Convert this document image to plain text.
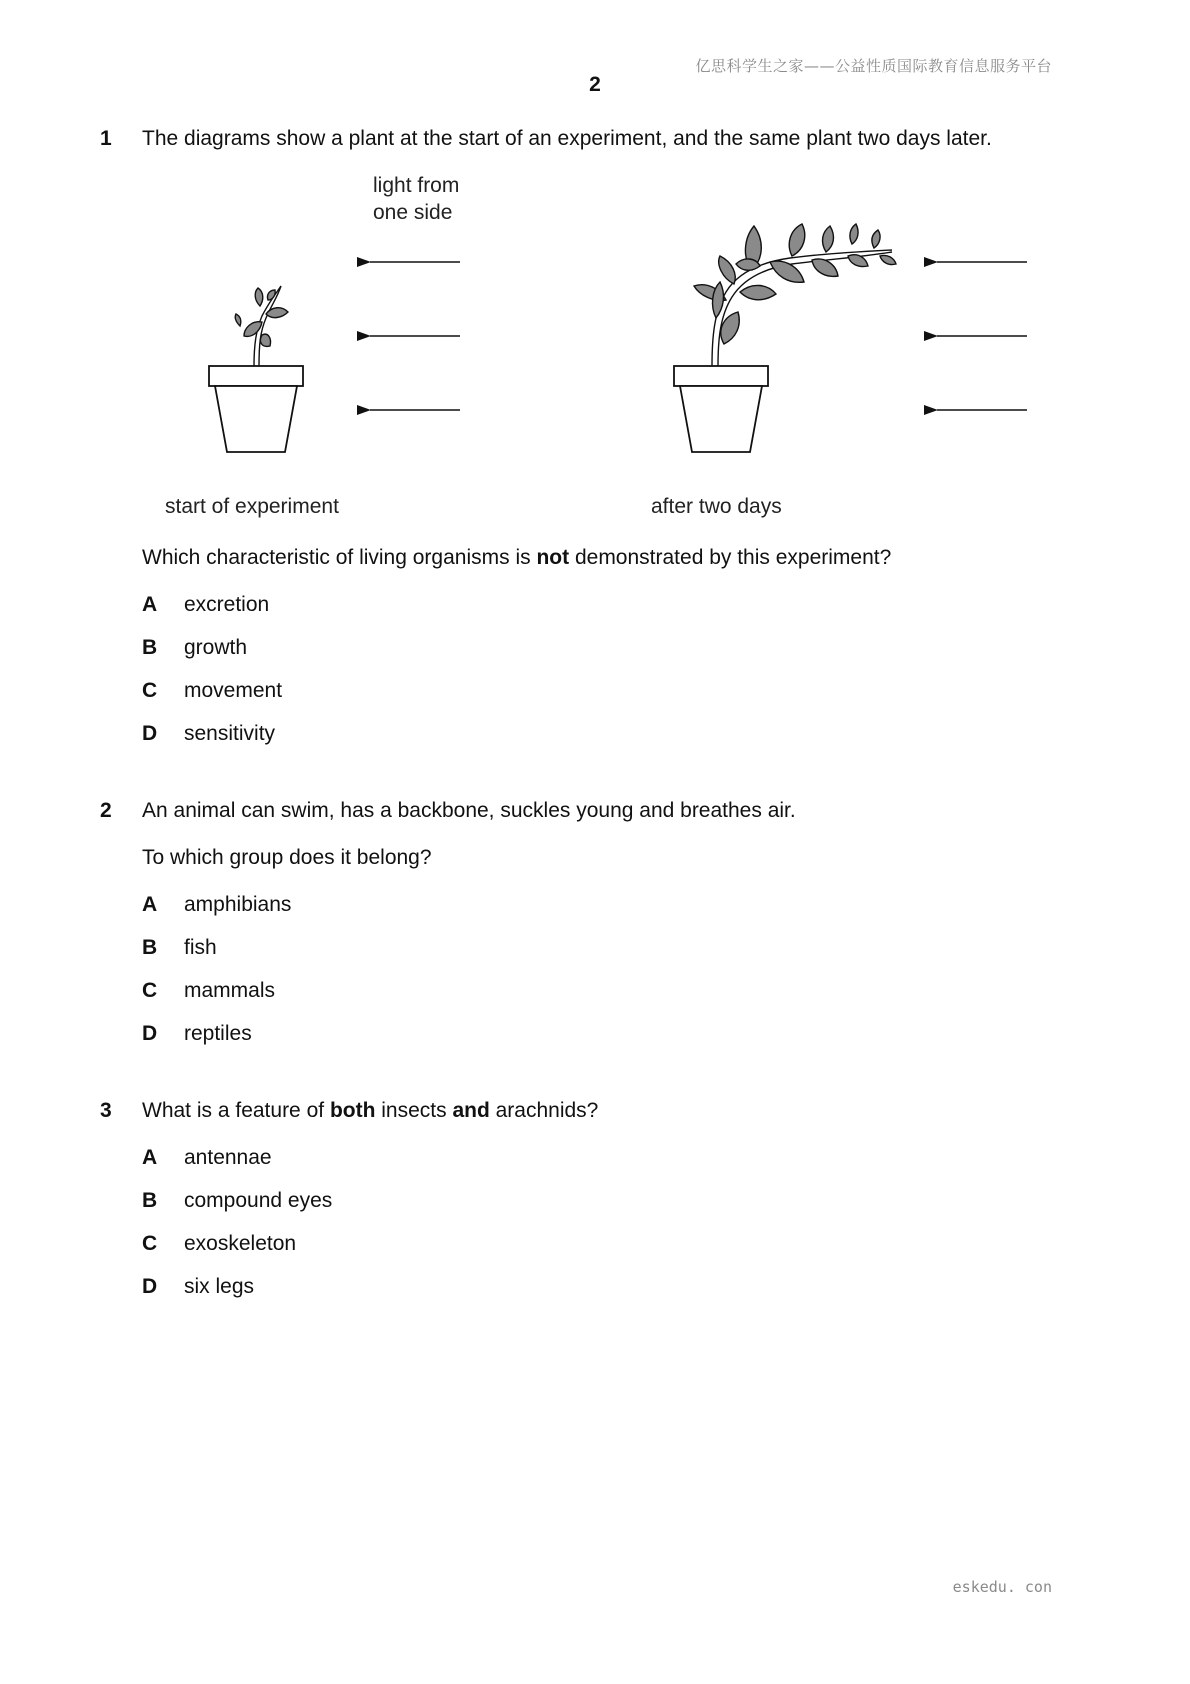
亿思科学生之家——公益性质国际教育信息服务平台
2
1 The diagrams show a plant at the start of an experiment, and the same plant two days later.
light from
one side
start of experiment	after two days
Which characteristic of living organisms is not demonstrated by this experiment?
A excretion
B growth
C movement
D sensitivity
2 An animal can swim, has a backbone, suckles young and breathes air.
To which group does it belong?
A amphibians
B fish
C mammals
D reptiles
3 What is a feature of both insects and arachnids?
A antennae
B compound eyes
C exoskeleton
D six legs
eskedu. con
